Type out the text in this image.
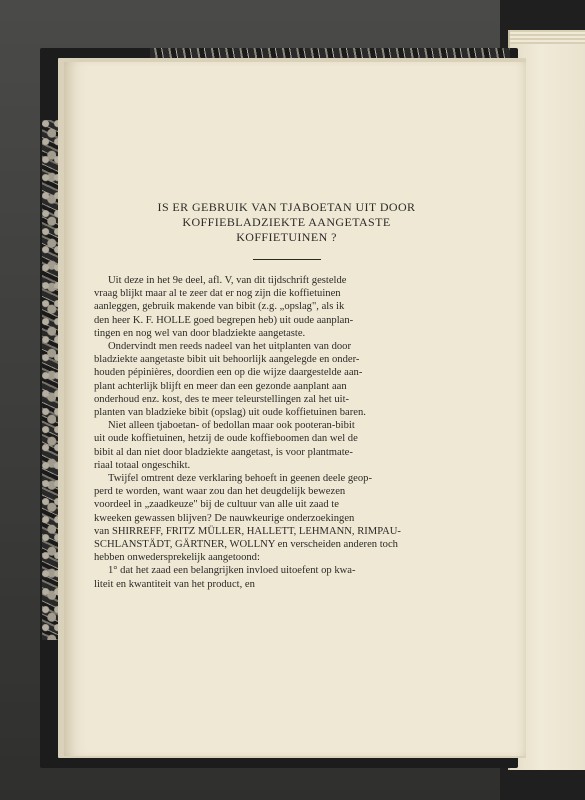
IS ER GEBRUIK VAN TJABOETAN UIT DOOR
KOFFIEBLADZIEKTE AANGETASTE
KOFFIETUINEN ?

Uit deze in het 9e deel, afl. V, van dit tijdschrift gestelde
vraag blijkt maar al te zeer dat er nog zijn die koffietuinen
aanleggen, gebruik makende van bibit (z.g. „opslag", als ik
den heer K. F. HOLLE goed begrepen heb) uit oude aanplan-
tingen en nog wel van door bladziekte aangetaste.

Ondervindt men reeds nadeel van het uitplanten van door
bladziekte aangetaste bibit uit behoorlijk aangelegde en onder-
houden pépinières, doordien een op die wijze daargestelde aan-
plant achterlijk blijft en meer dan een gezonde aanplant aan
onderhoud enz. kost, des te meer teleurstellingen zal het uit-
planten van bladzieke bibit (opslag) uit oude koffietuinen baren.

Niet alleen tjaboetan- of bedollan maar ook pooteran-bibit
uit oude koffietuinen, hetzij de oude koffieboomen dan wel de
bibit al dan niet door bladziekte aangetast, is voor plantmate-
riaal totaal ongeschikt.

Twijfel omtrent deze verklaring behoeft in geenen deele geop-
perd te worden, want waar zou dan het deugdelijk bewezen
voordeel in „zaadkeuze" bij de cultuur van alle uit zaad te
kweeken gewassen blijven? De nauwkeurige onderzoekingen
van SHIRREFF, FRITZ MÜLLER, HALLETT, LEHMANN, RIMPAU-
SCHLANSTÄDT, GÄRTNER, WOLLNY en verscheiden anderen toch
hebben onwedersprekelijk aangetoond:

1° dat het zaad een belangrijken invloed uitoefent op kwa-
liteit en kwantiteit van het product, en
